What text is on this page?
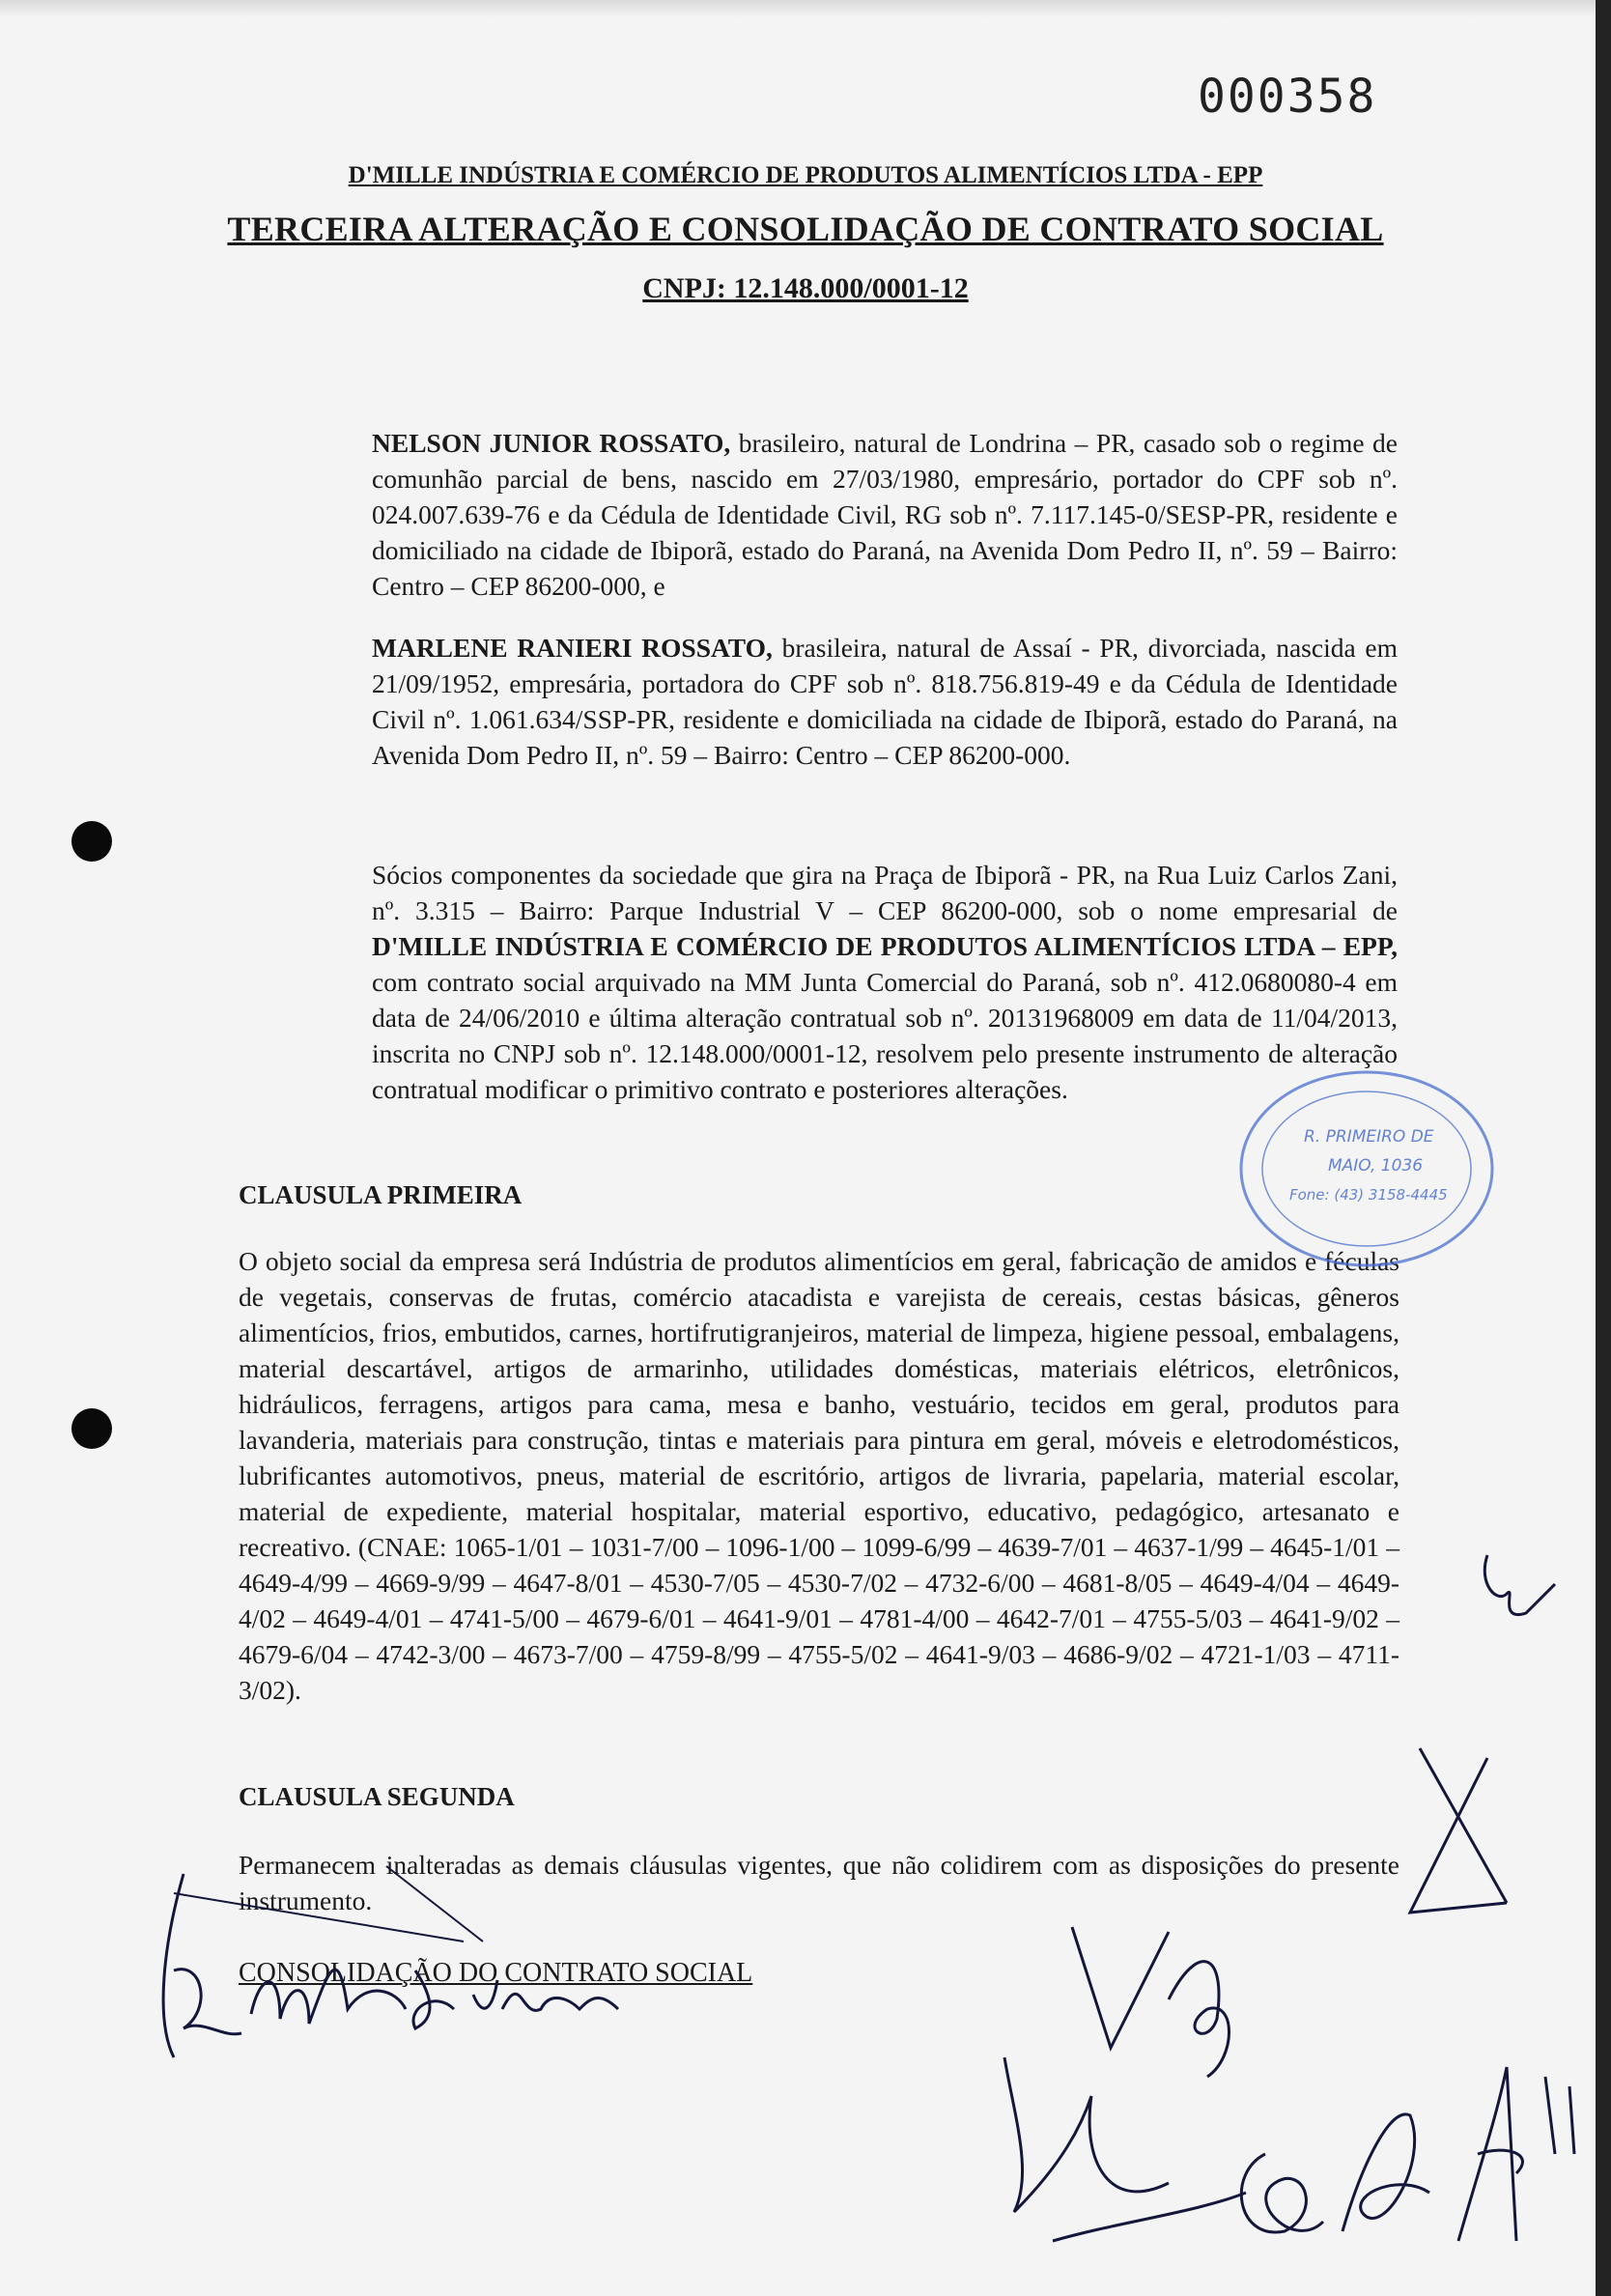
000358
D'MILLE INDÚSTRIA E COMÉRCIO DE PRODUTOS ALIMENTÍCIOS LTDA - EPP
TERCEIRA ALTERAÇÃO E CONSOLIDAÇÃO DE CONTRATO SOCIAL
CNPJ: 12.148.000/0001-12

NELSON JUNIOR ROSSATO, brasileiro, natural de Londrina – PR, casado sob o regime de comunhão parcial de bens, nascido em 27/03/1980, empresário, portador do CPF sob nº. 024.007.639-76 e da Cédula de Identidade Civil, RG sob nº. 7.117.145-0/SESP-PR, residente e domiciliado na cidade de Ibiporã, estado do Paraná, na Avenida Dom Pedro II, nº. 59 – Bairro: Centro – CEP 86200-000, e

MARLENE RANIERI ROSSATO, brasileira, natural de Assaí - PR, divorciada, nascida em 21/09/1952, empresária, portadora do CPF sob nº. 818.756.819-49 e da Cédula de Identidade Civil nº. 1.061.634/SSP-PR, residente e domiciliada na cidade de Ibiporã, estado do Paraná, na Avenida Dom Pedro II, nº. 59 – Bairro: Centro – CEP 86200-000.

Sócios componentes da sociedade que gira na Praça de Ibiporã - PR, na Rua Luiz Carlos Zani, nº. 3.315 – Bairro: Parque Industrial V – CEP 86200-000, sob o nome empresarial de D'MILLE INDÚSTRIA E COMÉRCIO DE PRODUTOS ALIMENTÍCIOS LTDA – EPP, com contrato social arquivado na MM Junta Comercial do Paraná, sob nº. 412.0680080-4 em data de 24/06/2010 e última alteração contratual sob nº. 20131968009 em data de 11/04/2013, inscrita no CNPJ sob nº. 12.148.000/0001-12, resolvem pelo presente instrumento de alteração contratual modificar o primitivo contrato e posteriores alterações.

CLAUSULA PRIMEIRA

O objeto social da empresa será Indústria de produtos alimentícios em geral, fabricação de amidos e féculas de vegetais, conservas de frutas, comércio atacadista e varejista de cereais, cestas básicas, gêneros alimentícios, frios, embutidos, carnes, hortifrutigranjeiros, material de limpeza, higiene pessoal, embalagens, material descartável, artigos de armarinho, utilidades domésticas, materiais elétricos, eletrônicos, hidráulicos, ferragens, artigos para cama, mesa e banho, vestuário, tecidos em geral, produtos para lavanderia, materiais para construção, tintas e materiais para pintura em geral, móveis e eletrodomésticos, lubrificantes automotivos, pneus, material de escritório, artigos de livraria, papelaria, material escolar, material de expediente, material hospitalar, material esportivo, educativo, pedagógico, artesanato e recreativo. (CNAE: 1065-1/01 – 1031-7/00 – 1096-1/00 – 1099-6/99 – 4639-7/01 – 4637-1/99 – 4645-1/01 – 4649-4/99 – 4669-9/99 – 4647-8/01 – 4530-7/05 – 4530-7/02 – 4732-6/00 – 4681-8/05 – 4649-4/04 – 4649-4/02 – 4649-4/01 – 4741-5/00 – 4679-6/01 – 4641-9/01 – 4781-4/00 – 4642-7/01 – 4755-5/03 – 4641-9/02 – 4679-6/04 – 4742-3/00 – 4673-7/00 – 4759-8/99 – 4755-5/02 – 4641-9/03 – 4686-9/02 – 4721-1/03 – 4711-3/02).

CLAUSULA SEGUNDA

Permanecem inalteradas as demais cláusulas vigentes, que não colidirem com as disposições do presente instrumento.

CONSOLIDAÇÃO DO CONTRATO SOCIAL
R. PRIMEIRO DE
MAIO, 1036
Fone: (43) 3158-4445
